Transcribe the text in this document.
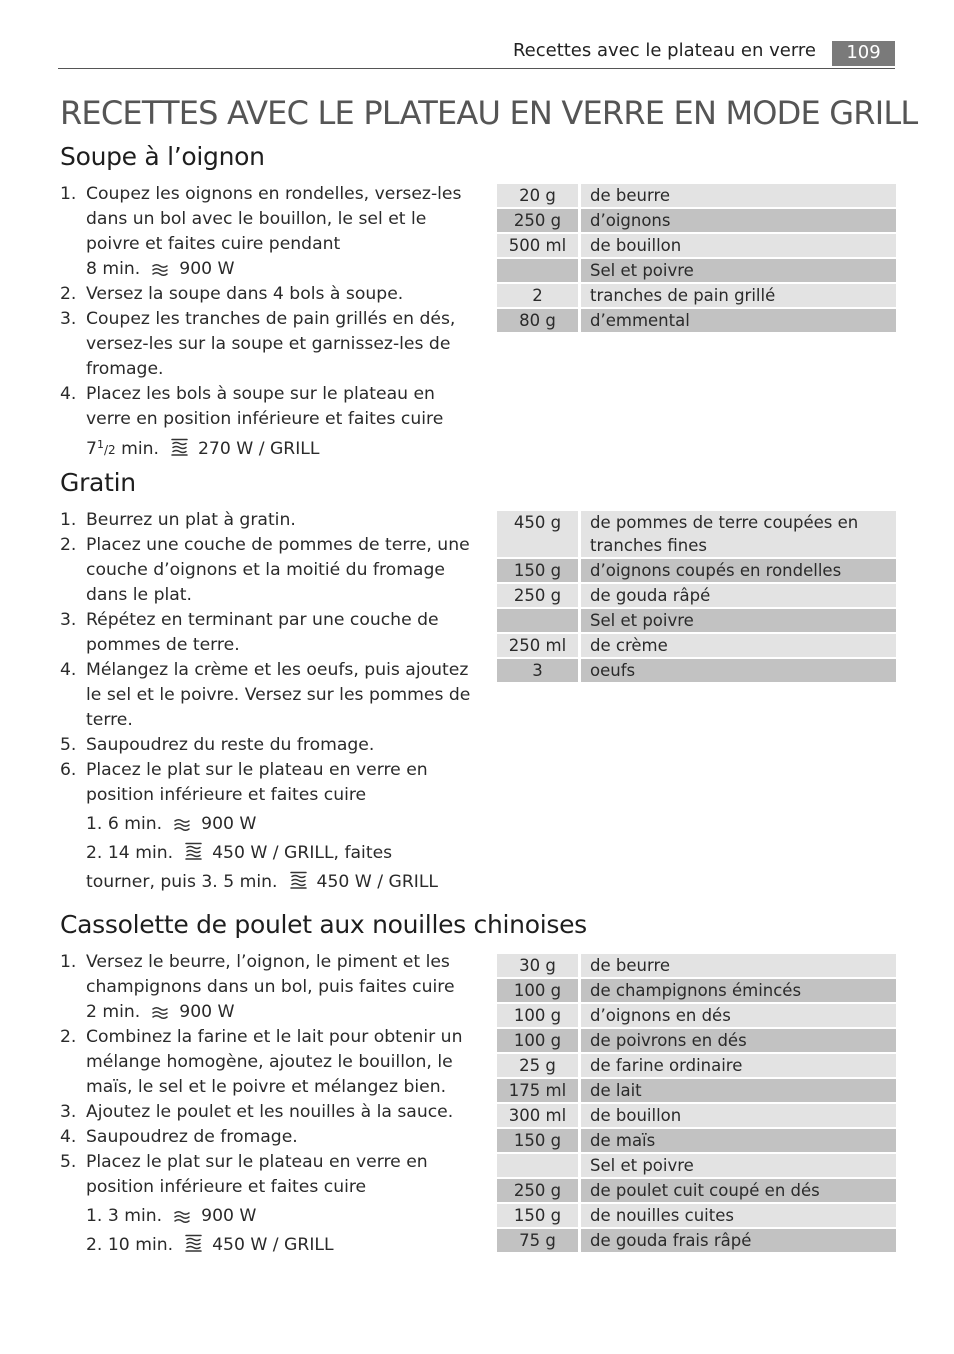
Recettes avec le plateau en verre	109
RECETTES AVEC LE PLATEAU EN VERRE EN MODE GRILL
Soupe à l’oignon
1. Coupez les oignons en rondelles, versez-les dans un bol avec le bouillon, le sel et le poivre et faites cuire pendant
8 min. 900 W
2. Versez la soupe dans 4 bols à soupe.
3. Coupez les tranches de pain grillés en dés, versez-les sur la soupe et garnissez-les de fromage.
4. Placez les bols à soupe sur le plateau en verre en position inférieure et faites cuire
$7^1/2$ min. 270 W / GRILL
20 g	de beurre
250 g	d’oignons
500 ml	de bouillon
	Sel et poivre
2	tranches de pain grillé
80 g	d’emmental
Gratin
1. Beurrez un plat à gratin.
2. Placez une couche de pommes de terre, une couche d’oignons et la moitié du fromage dans le plat.
3. Répétez en terminant par une couche de pommes de terre.
4. Mélangez la crème et les oeufs, puis ajoutez le sel et le poivre. Versez sur les pommes de terre.
5. Saupoudrez du reste du fromage.
6. Placez le plat sur le plateau en verre en position inférieure et faites cuire
1. 6 min. 900 W
2. 14 min. 450 W / GRILL, faites
tourner, puis 3. 5 min. 450 W / GRILL
450 g	de pommes de terre coupées en tranches fines
150 g	d’oignons coupés en rondelles
250 g	de gouda râpé
	Sel et poivre
250 ml	de crème
3	oeufs
Cassolette de poulet aux nouilles chinoises
1. Versez le beurre, l’oignon, le piment et les champignons dans un bol, puis faites cuire
2 min. 900 W
2. Combinez la farine et le lait pour obtenir un mélange homogène, ajoutez le bouillon, le maïs, le sel et le poivre et mélangez bien.
3. Ajoutez le poulet et les nouilles à la sauce.
4. Saupoudrez de fromage.
5. Placez le plat sur le plateau en verre en position inférieure et faites cuire
1. 3 min. 900 W
2. 10 min. 450 W / GRILL
30 g	de beurre
100 g	de champignons émincés
100 g	d’oignons en dés
100 g	de poivrons en dés
25 g	de farine ordinaire
175 ml	de lait
300 ml	de bouillon
150 g	de maïs
	Sel et poivre
250 g	de poulet cuit coupé en dés
150 g	de nouilles cuites
75 g	de gouda frais râpé
